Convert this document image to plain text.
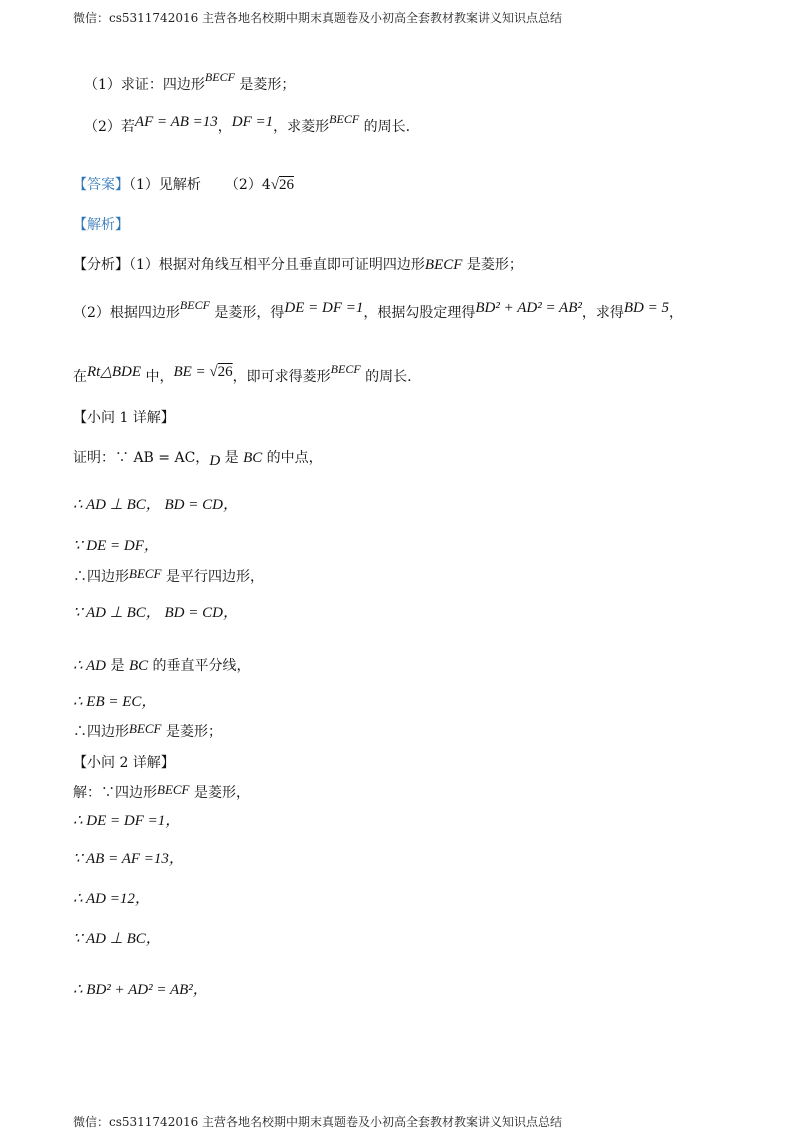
微信：cs5311742016 主营各地名校期中期末真题卷及小初高全套教材教案讲义知识点总结
（1）求证：四边形BECF 是菱形；
（2）若AF = AB =13，DF =1，求菱形BECF 的周长.
【答案】（1）见解析 （2）4√26
【解析】
【分析】（1）根据对角线互相平分且垂直即可证明四边形BECF 是菱形；
（2）根据四边形BECF 是菱形，得DE = DF =1，根据勾股定理得BD² + AD² = AB²，求得BD = 5，
在Rt△BDE 中，BE = √26，即可求得菱形BECF 的周长.
【小问 1 详解】
证明：∵ AB = AC，D 是 BC 的中点，
∴ AD ⊥ BC， BD = CD，
∵ DE = DF，
∴四边形BECF 是平行四边形，
∵ AD ⊥ BC， BD = CD，
∴ AD 是 BC 的垂直平分线，
∴ EB = EC，
∴四边形BECF 是菱形；
【小问 2 详解】
解：∵四边形BECF 是菱形，
∴ DE = DF =1，
∵ AB = AF =13，
∴ AD =12，
∵ AD ⊥ BC，
∴ BD² + AD² = AB²，
微信：cs5311742016 主营各地名校期中期末真题卷及小初高全套教材教案讲义知识点总结
